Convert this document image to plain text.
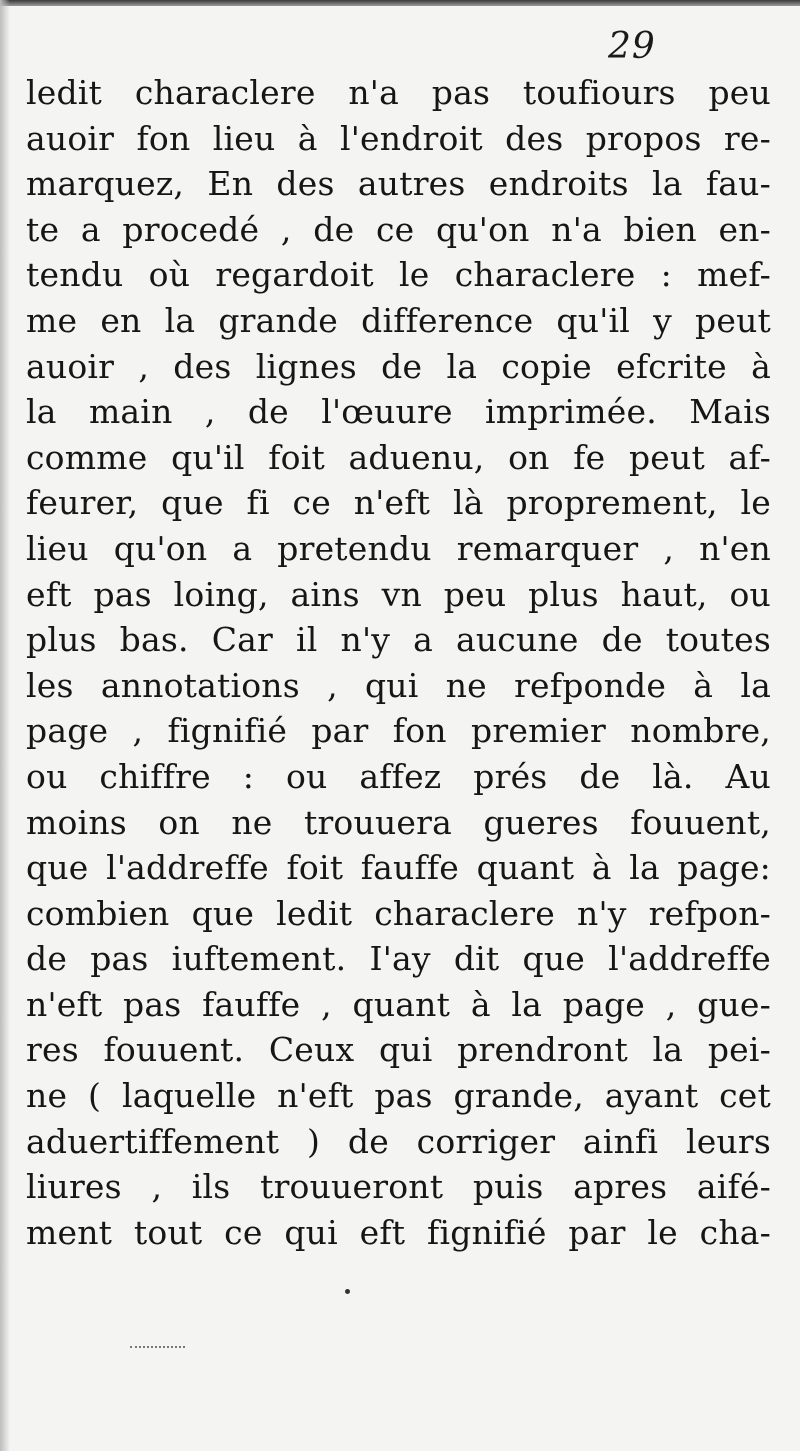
29
ledit characlere n'a pas toufiours peu
auoir fon lieu à l'endroit des propos re-
marquez, En des autres endroits la fau-
te a procedé , de ce qu'on n'a bien en-
tendu où regardoit le characlere : mef-
me en la grande difference qu'il y peut
auoir , des lignes de la copie efcrite à
la main , de l'œuure imprimée. Mais
comme qu'il foit aduenu, on fe peut af-
feurer, que fi ce n'eft là proprement, le
lieu qu'on a pretendu remarquer , n'en
eft pas loing, ains vn peu plus haut, ou
plus bas. Car il n'y a aucune de toutes
les annotations , qui ne refponde à la
page , fignifié par fon premier nombre,
ou chiffre : ou affez prés de là. Au
moins on ne trouuera gueres fouuent,
que l'addreffe foit fauffe quant à la page:
combien que ledit characlere n'y refpon-
de pas iuftement. I'ay dit que l'addreffe
n'eft pas fauffe , quant à la page , gue-
res fouuent. Ceux qui prendront la pei-
ne ( laquelle n'eft pas grande, ayant cet
aduertiffement ) de corriger ainfi leurs
liures , ils trouueront puis apres aifé-
ment tout ce qui eft fignifié par le cha-
